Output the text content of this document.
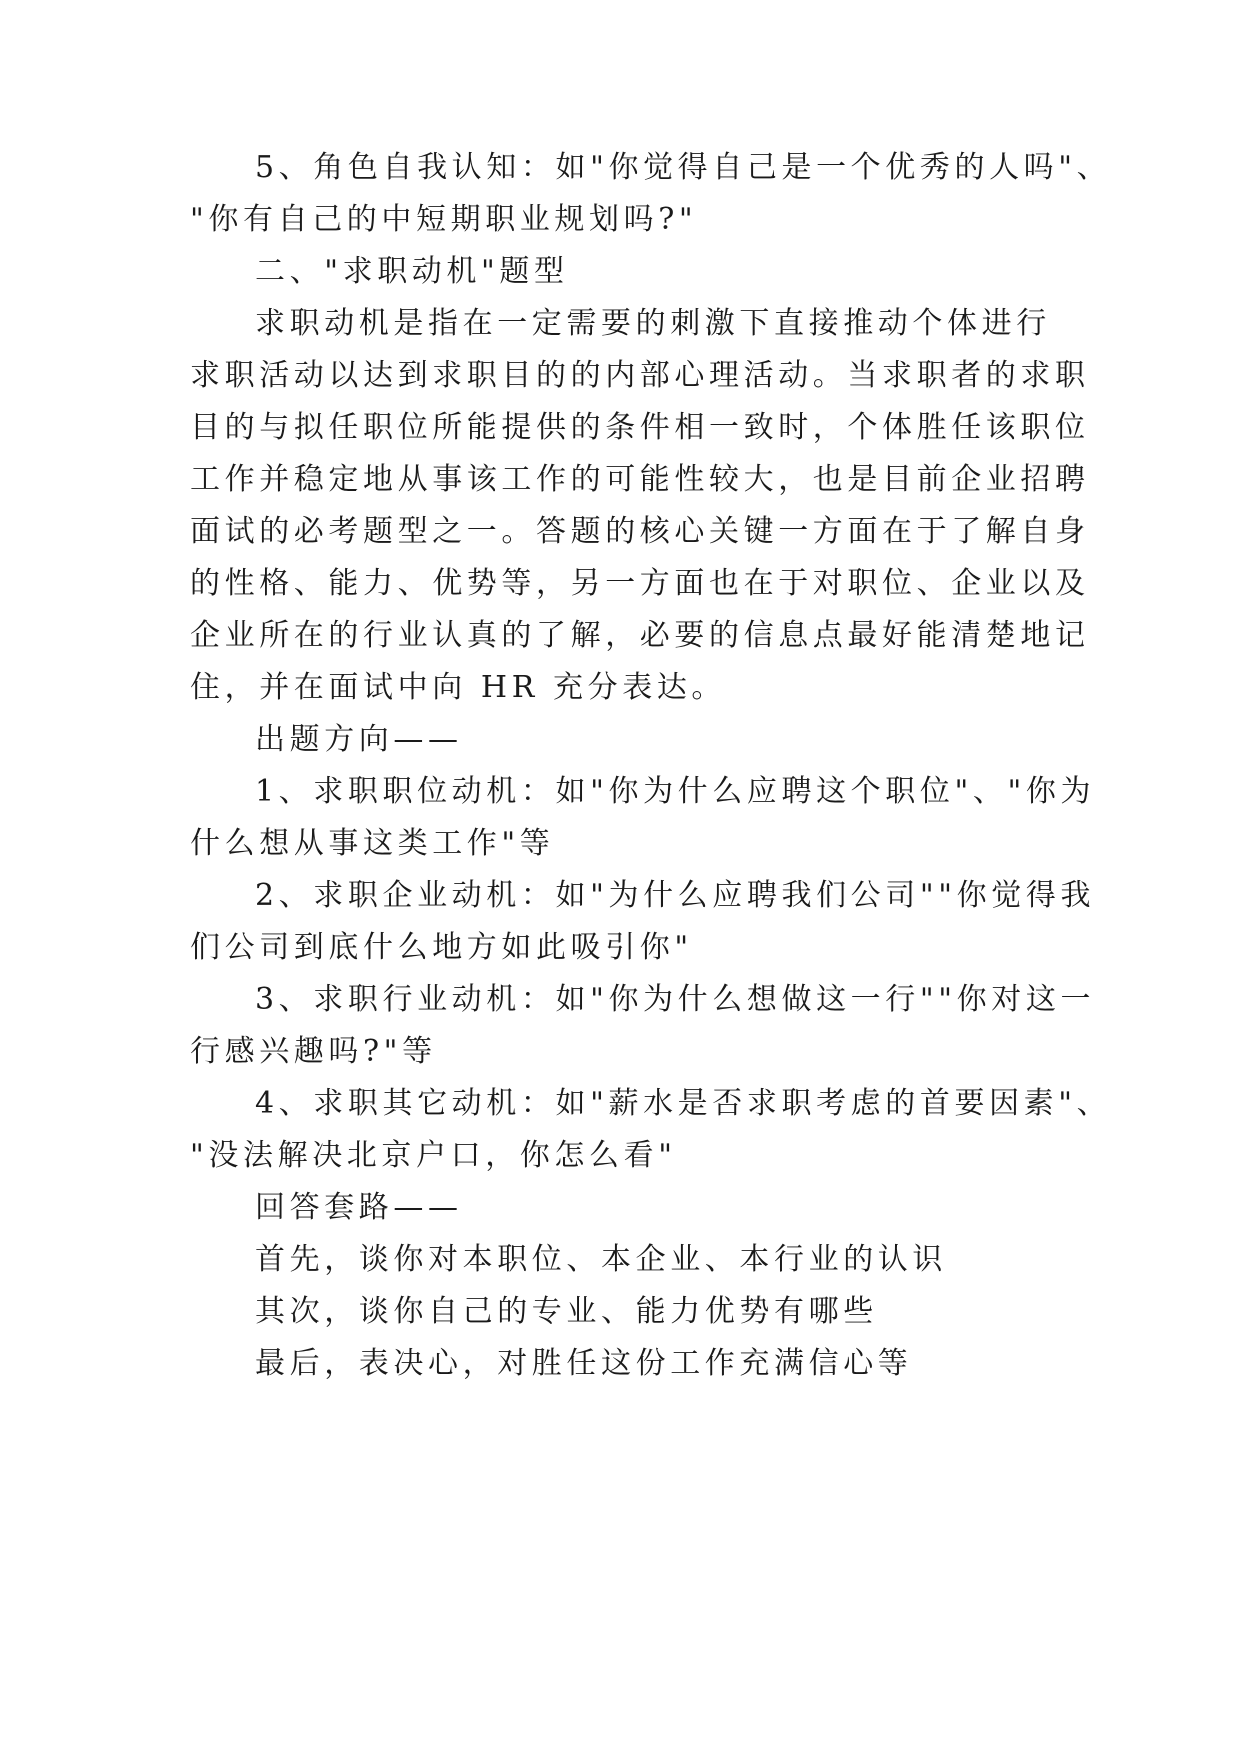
5、角色自我认知：如"你觉得自己是一个优秀的人吗"、
"你有自己的中短期职业规划吗?"
二、"求职动机"题型
求职动机是指在一定需要的刺激下直接推动个体进行
求职活动以达到求职目的的内部心理活动。当求职者的求职
目的与拟任职位所能提供的条件相一致时，个体胜任该职位
工作并稳定地从事该工作的可能性较大，也是目前企业招聘
面试的必考题型之一。答题的核心关键一方面在于了解自身
的性格、能力、优势等，另一方面也在于对职位、企业以及
企业所在的行业认真的了解，必要的信息点最好能清楚地记
住，并在面试中向 HR 充分表达。
出题方向——
1、求职职位动机：如"你为什么应聘这个职位"、"你为
什么想从事这类工作"等
2、求职企业动机：如"为什么应聘我们公司""你觉得我
们公司到底什么地方如此吸引你"
3、求职行业动机：如"你为什么想做这一行""你对这一
行感兴趣吗?"等
4、求职其它动机：如"薪水是否求职考虑的首要因素"、
"没法解决北京户口，你怎么看"
回答套路——
首先，谈你对本职位、本企业、本行业的认识
其次，谈你自己的专业、能力优势有哪些
最后，表决心，对胜任这份工作充满信心等
